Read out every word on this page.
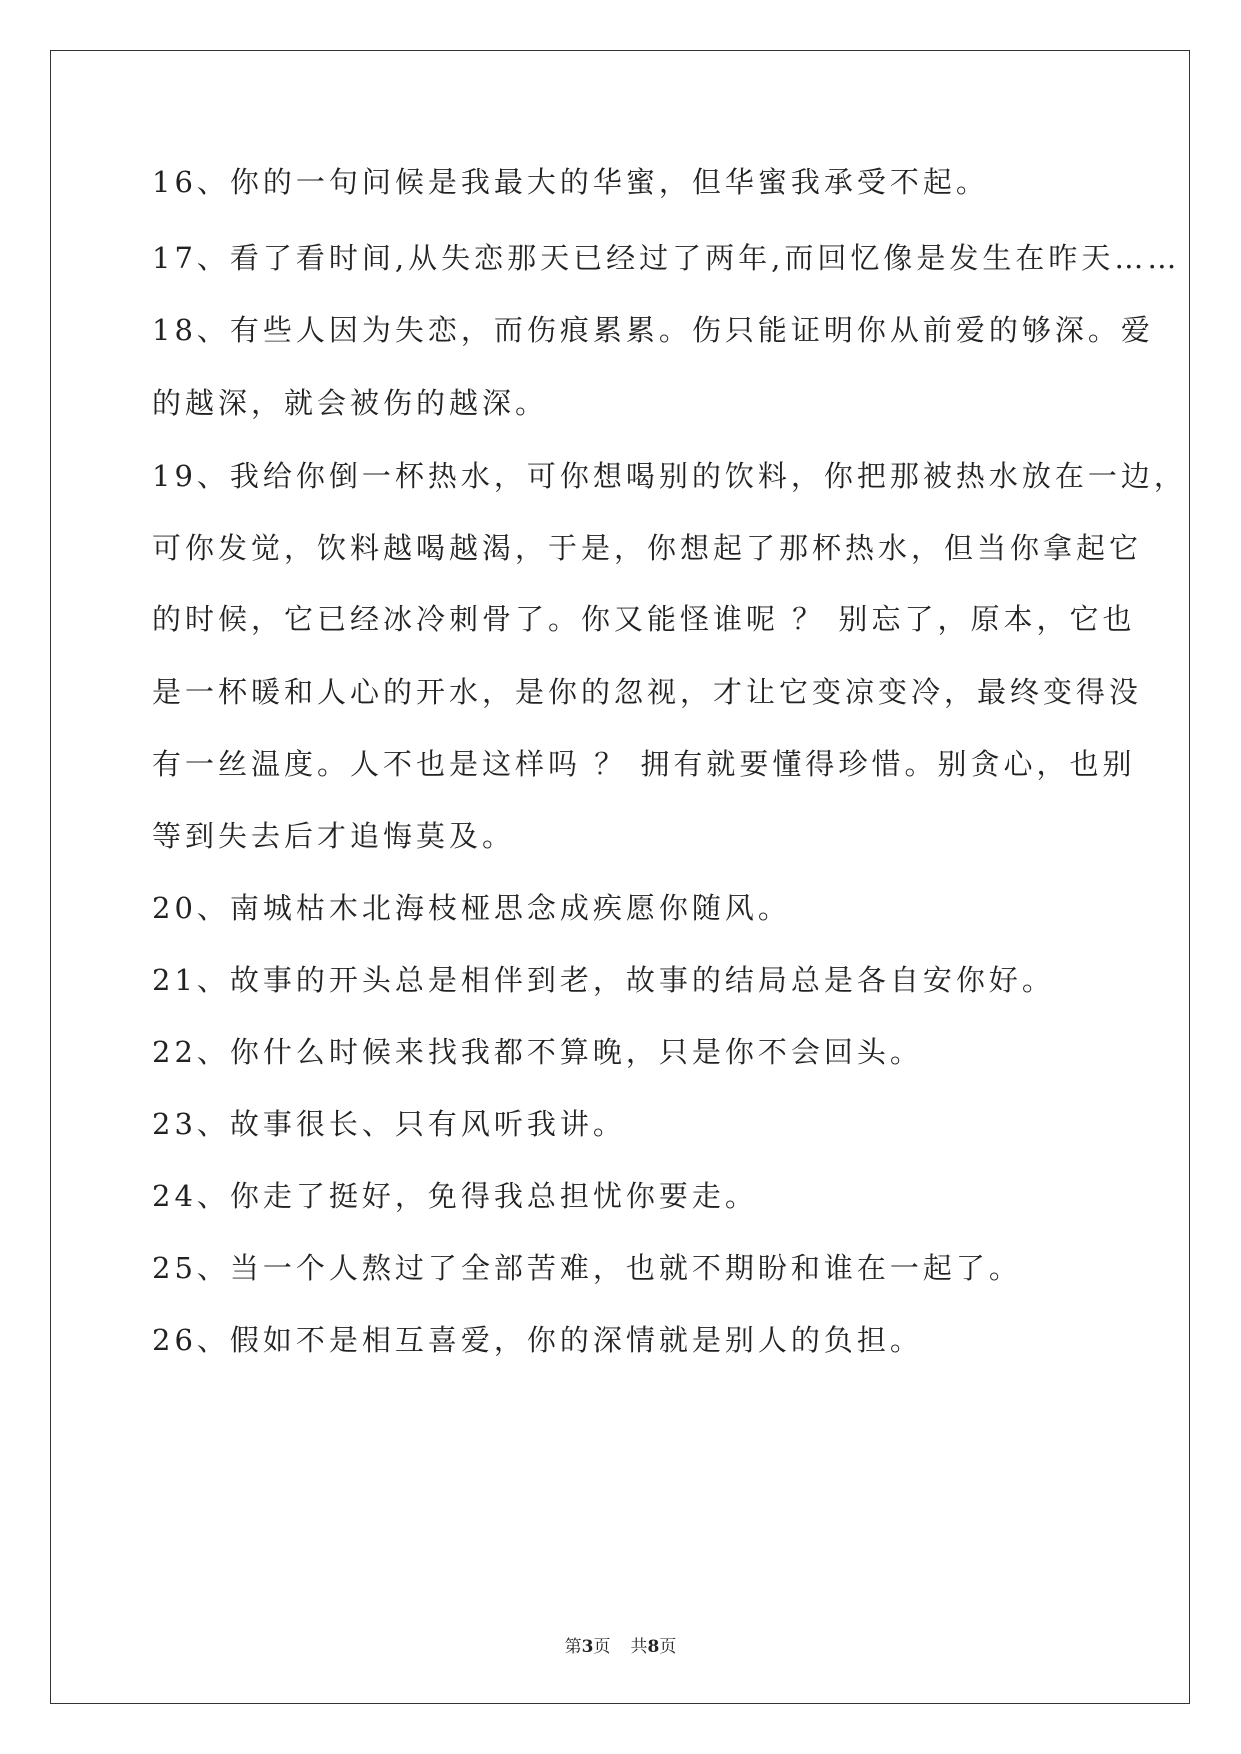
16、你的一句问候是我最大的华蜜，但华蜜我承受不起。
17、看了看时间,从失恋那天已经过了两年,而回忆像是发生在昨天……
18、有些人因为失恋，而伤痕累累。伤只能证明你从前爱的够深。爱
的越深，就会被伤的越深。
19、我给你倒一杯热水，可你想喝别的饮料，你把那被热水放在一边，
可你发觉，饮料越喝越渴，于是，你想起了那杯热水，但当你拿起它
的时候，它已经冰冷刺骨了。你又能怪谁呢 ？ 别忘了，原本，它也
是一杯暖和人心的开水，是你的忽视，才让它变凉变冷，最终变得没
有一丝温度。人不也是这样吗 ？ 拥有就要懂得珍惜。别贪心，也别
等到失去后才追悔莫及。
20、南城枯木北海枝桠思念成疾愿你随风。
21、故事的开头总是相伴到老，故事的结局总是各自安你好。
22、你什么时候来找我都不算晚，只是你不会回头。
23、故事很长、只有风听我讲。
24、你走了挺好，免得我总担忧你要走。
25、当一个人熬过了全部苦难，也就不期盼和谁在一起了。
26、假如不是相互喜爱，你的深情就是别人的负担。
第3页 共8页
